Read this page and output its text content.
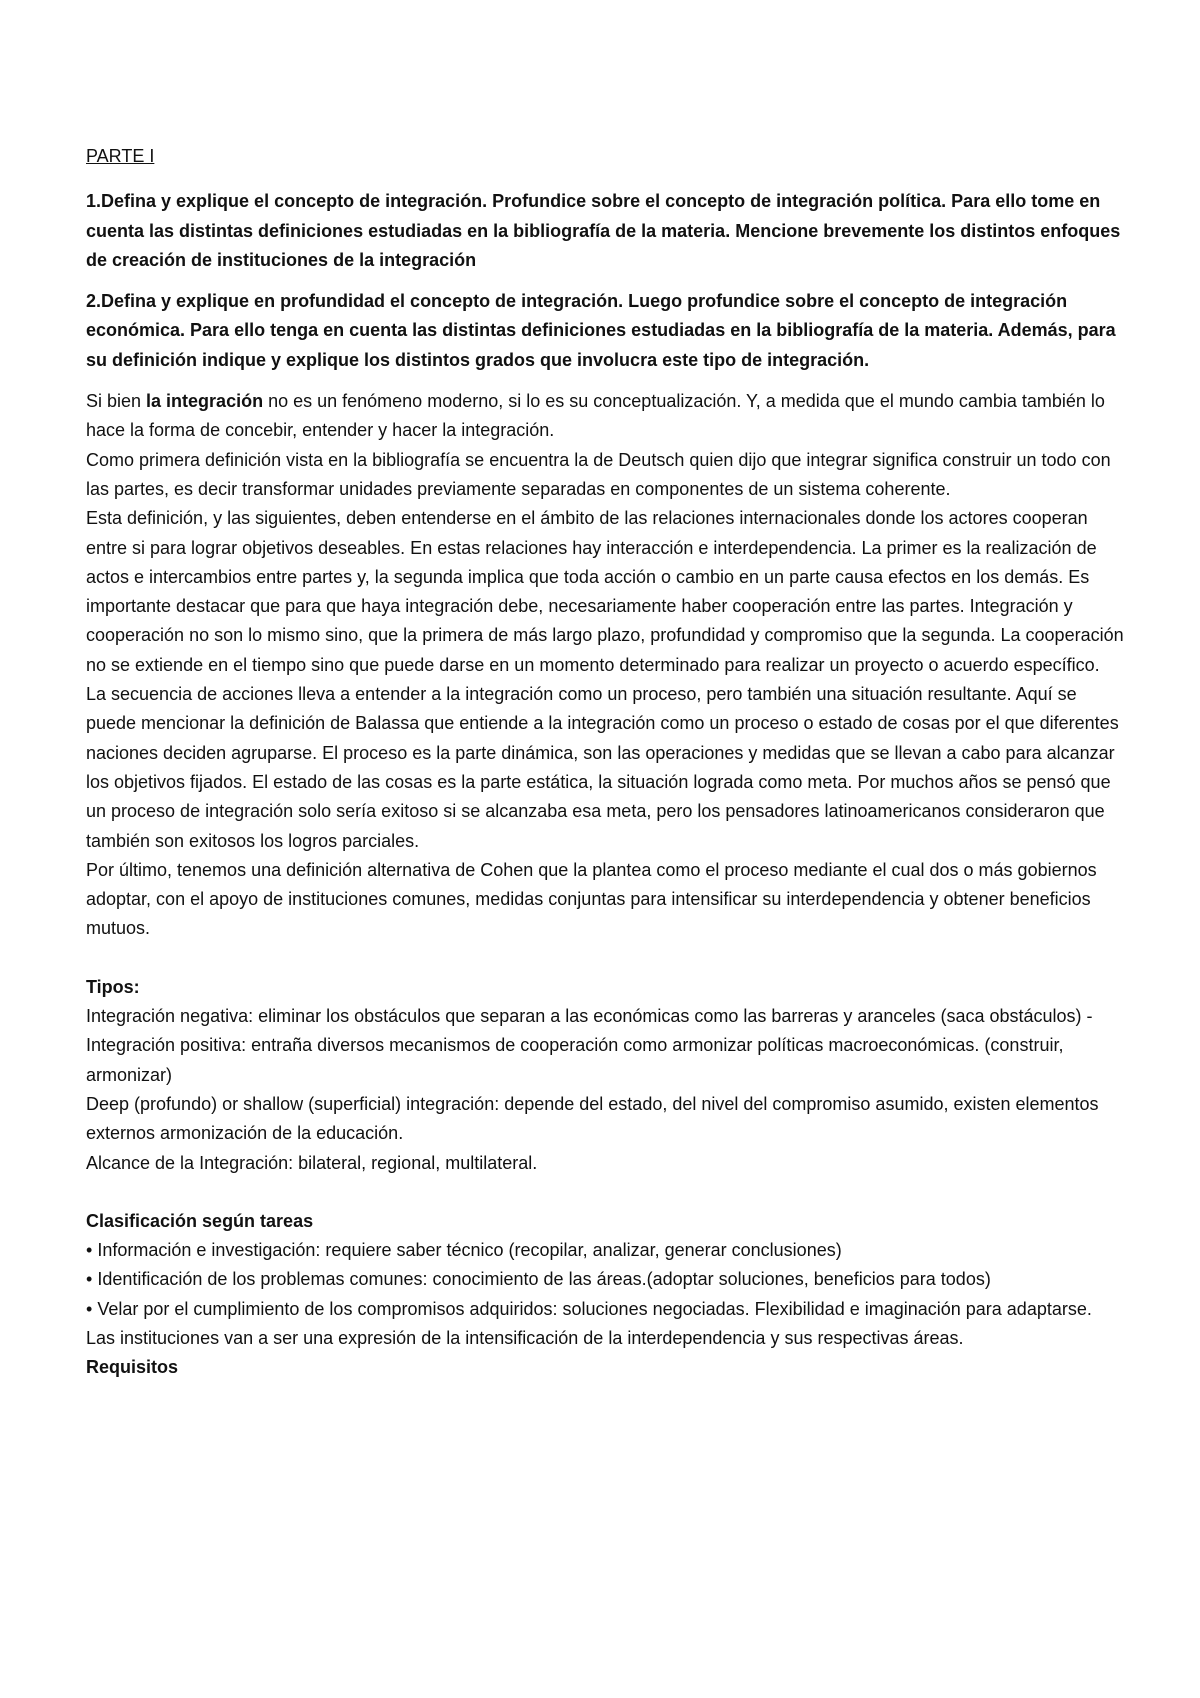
PARTE I
1.Defina y explique el concepto de integración. Profundice sobre el concepto de integración política. Para ello tome en cuenta las distintas definiciones estudiadas en la bibliografía de la materia. Mencione brevemente los distintos enfoques de creación de instituciones de la integración
2.Defina y explique en profundidad el concepto de integración. Luego profundice sobre el concepto de integración económica. Para ello tenga en cuenta las distintas definiciones estudiadas en la bibliografía de la materia. Además, para su definición indique y explique los distintos grados que involucra este tipo de integración.

Si bien la integración no es un fenómeno moderno, si lo es su conceptualización. Y, a medida que el mundo cambia también lo hace la forma de concebir, entender y hacer la integración.

Como primera definición vista en la bibliografía se encuentra la de Deutsch quien dijo que integrar significa construir un todo con las partes, es decir transformar unidades previamente separadas en componentes de un sistema coherente.

Esta definición, y las siguientes, deben entenderse en el ámbito de las relaciones internacionales donde los actores cooperan entre si para lograr objetivos deseables. En estas relaciones hay interacción e interdependencia. La primer es la realización de actos e intercambios entre partes y, la segunda implica que toda acción o cambio en un parte causa efectos en los demás. Es importante destacar que para que haya integración debe, necesariamente haber cooperación entre las partes. Integración y cooperación no son lo mismo sino, que la primera de más largo plazo, profundidad y compromiso que la segunda. La cooperación no se extiende en el tiempo sino que puede darse en un momento determinado para realizar un proyecto o acuerdo específico.

La secuencia de acciones lleva a entender a la integración como un proceso, pero también una situación resultante. Aquí se puede mencionar la definición de Balassa que entiende a la integración como un proceso o estado de cosas por el que diferentes naciones deciden agruparse. El proceso es la parte dinámica, son las operaciones y medidas que se llevan a cabo para alcanzar los objetivos fijados. El estado de las cosas es la parte estática, la situación lograda como meta. Por muchos años se pensó que un proceso de integración solo sería exitoso si se alcanzaba esa meta, pero los pensadores latinoamericanos consideraron que también son exitosos los logros parciales.

Por último, tenemos una definición alternativa de Cohen que la plantea como el proceso mediante el cual dos o más gobiernos adoptar, con el apoyo de instituciones comunes, medidas conjuntas para intensificar su interdependencia y obtener beneficios mutuos.

Tipos:

Integración negativa: eliminar los obstáculos que separan a las económicas como las barreras y aranceles (saca obstáculos) - Integración positiva: entraña diversos mecanismos de cooperación como armonizar políticas macroeconómicas. (construir, armonizar)

Deep (profundo) or shallow (superficial) integración: depende del estado, del nivel del compromiso asumido, existen elementos externos armonización de la educación.

Alcance de la Integración: bilateral, regional, multilateral.

Clasificación según tareas

• Información e investigación: requiere saber técnico (recopilar, analizar, generar conclusiones)

• Identificación de los problemas comunes: conocimiento de las áreas.(adoptar soluciones, beneficios para todos)

• Velar por el cumplimiento de los compromisos adquiridos: soluciones negociadas. Flexibilidad e imaginación para adaptarse.

Las instituciones van a ser una expresión de la intensificación de la interdependencia y sus respectivas áreas.

Requisitos
